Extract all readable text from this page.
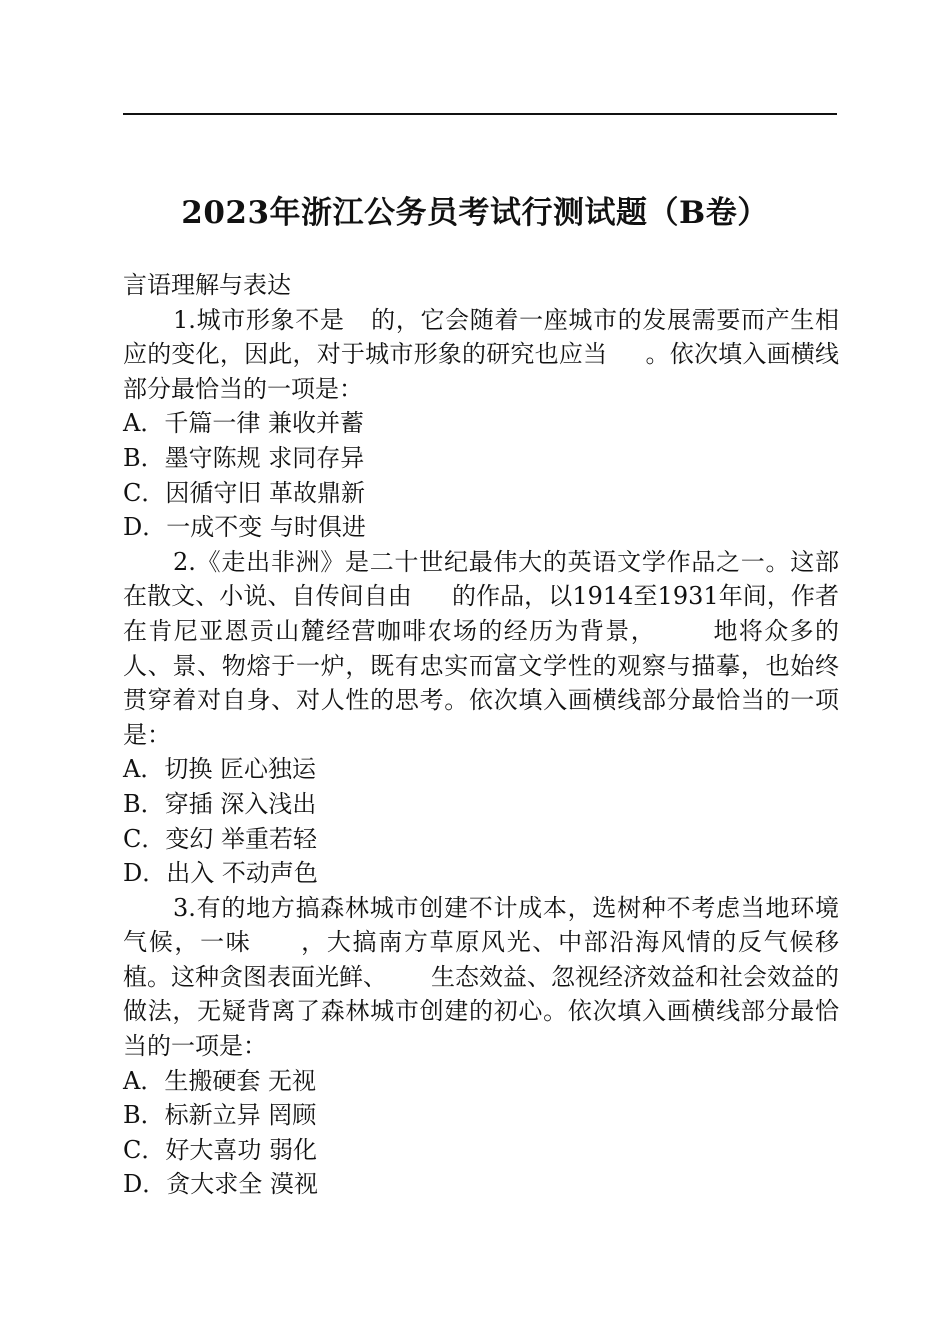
2023年浙江公务员考试行测试题（B卷）

言语理解与表达

1.城市形象不是 的，它会随着一座城市的发展需要而产生相应的变化，因此，对于城市形象的研究也应当 。依次填入画横线部分最恰当的一项是：

A．千篇一律 兼收并蓄

B．墨守陈规 求同存异

C．因循守旧 革故鼎新

D．一成不变 与时俱进

2.《走出非洲》是二十世纪最伟大的英语文学作品之一。这部在散文、小说、自传间自由 的作品，以1914至1931年间，作者在肯尼亚恩贡山麓经营咖啡农场的经历为背景， 地将众多的人、景、物熔于一炉，既有忠实而富文学性的观察与描摹，也始终贯穿着对自身、对人性的思考。依次填入画横线部分最恰当的一项是：

A．切换 匠心独运

B．穿插 深入浅出

C．变幻 举重若轻

D．出入 不动声色

3.有的地方搞森林城市创建不计成本，选树种不考虑当地环境气候，一味 ，大搞南方草原风光、中部沿海风情的反气候移植。这种贪图表面光鲜、 生态效益、忽视经济效益和社会效益的做法，无疑背离了森林城市创建的初心。依次填入画横线部分最恰当的一项是：

A．生搬硬套 无视

B．标新立异 罔顾

C．好大喜功 弱化

D．贪大求全 漠视
